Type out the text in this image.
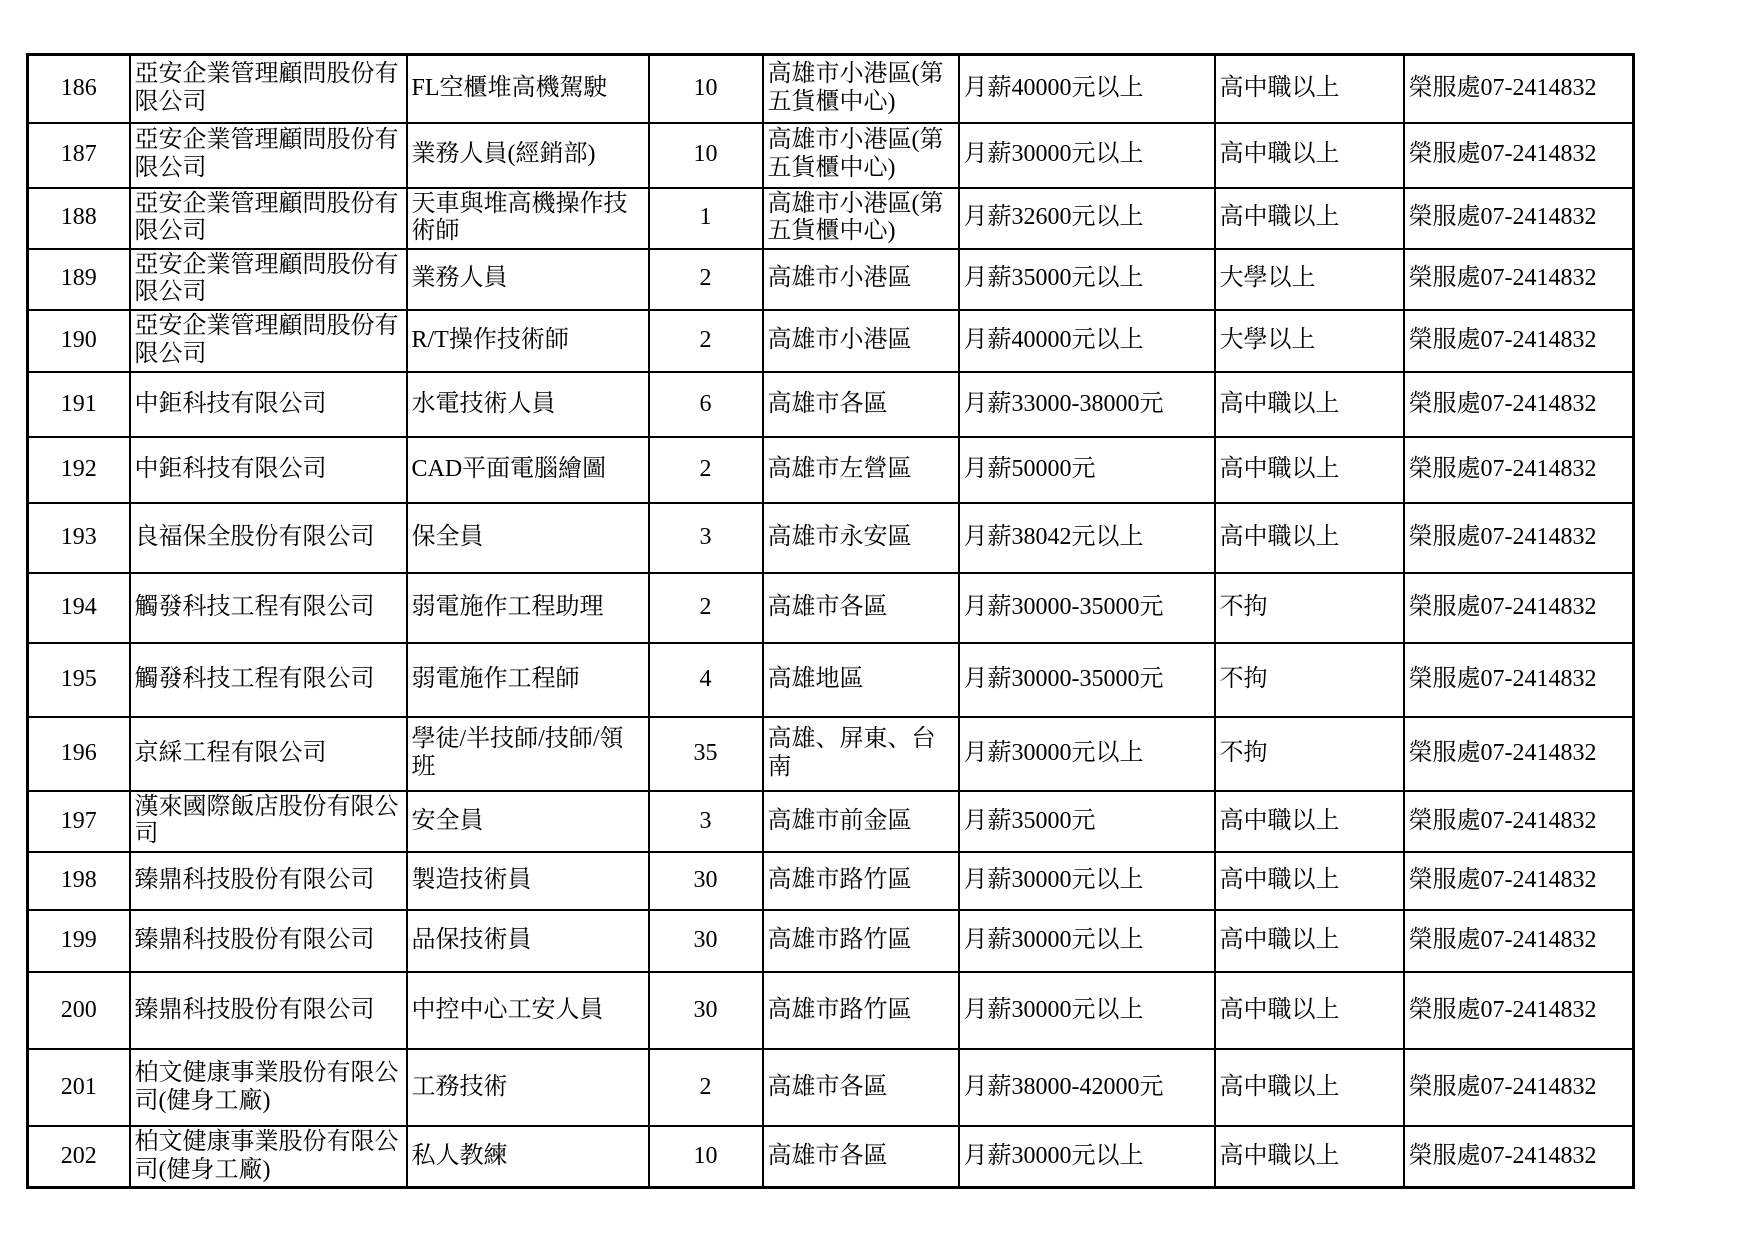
186	亞安企業管理顧問股份有限公司	FL空櫃堆高機駕駛	10	高雄市小港區(第五貨櫃中心)	月薪40000元以上	高中職以上	榮服處07-2414832
187	亞安企業管理顧問股份有限公司	業務人員(經銷部)	10	高雄市小港區(第五貨櫃中心)	月薪30000元以上	高中職以上	榮服處07-2414832
188	亞安企業管理顧問股份有限公司	天車與堆高機操作技術師	1	高雄市小港區(第五貨櫃中心)	月薪32600元以上	高中職以上	榮服處07-2414832
189	亞安企業管理顧問股份有限公司	業務人員	2	高雄市小港區	月薪35000元以上	大學以上	榮服處07-2414832
190	亞安企業管理顧問股份有限公司	R/T操作技術師	2	高雄市小港區	月薪40000元以上	大學以上	榮服處07-2414832
191	中鉅科技有限公司	水電技術人員	6	高雄市各區	月薪33000-38000元	高中職以上	榮服處07-2414832
192	中鉅科技有限公司	CAD平面電腦繪圖	2	高雄市左營區	月薪50000元	高中職以上	榮服處07-2414832
193	良福保全股份有限公司	保全員	3	高雄市永安區	月薪38042元以上	高中職以上	榮服處07-2414832
194	觸發科技工程有限公司	弱電施作工程助理	2	高雄市各區	月薪30000-35000元	不拘	榮服處07-2414832
195	觸發科技工程有限公司	弱電施作工程師	4	高雄地區	月薪30000-35000元	不拘	榮服處07-2414832
196	京綵工程有限公司	學徒/半技師/技師/領班	35	高雄、屏東、台南	月薪30000元以上	不拘	榮服處07-2414832
197	漢來國際飯店股份有限公司	安全員	3	高雄市前金區	月薪35000元	高中職以上	榮服處07-2414832
198	臻鼎科技股份有限公司	製造技術員	30	高雄市路竹區	月薪30000元以上	高中職以上	榮服處07-2414832
199	臻鼎科技股份有限公司	品保技術員	30	高雄市路竹區	月薪30000元以上	高中職以上	榮服處07-2414832
200	臻鼎科技股份有限公司	中控中心工安人員	30	高雄市路竹區	月薪30000元以上	高中職以上	榮服處07-2414832
201	柏文健康事業股份有限公司(健身工廠)	工務技術	2	高雄市各區	月薪38000-42000元	高中職以上	榮服處07-2414832
202	柏文健康事業股份有限公司(健身工廠)	私人教練	10	高雄市各區	月薪30000元以上	高中職以上	榮服處07-2414832
